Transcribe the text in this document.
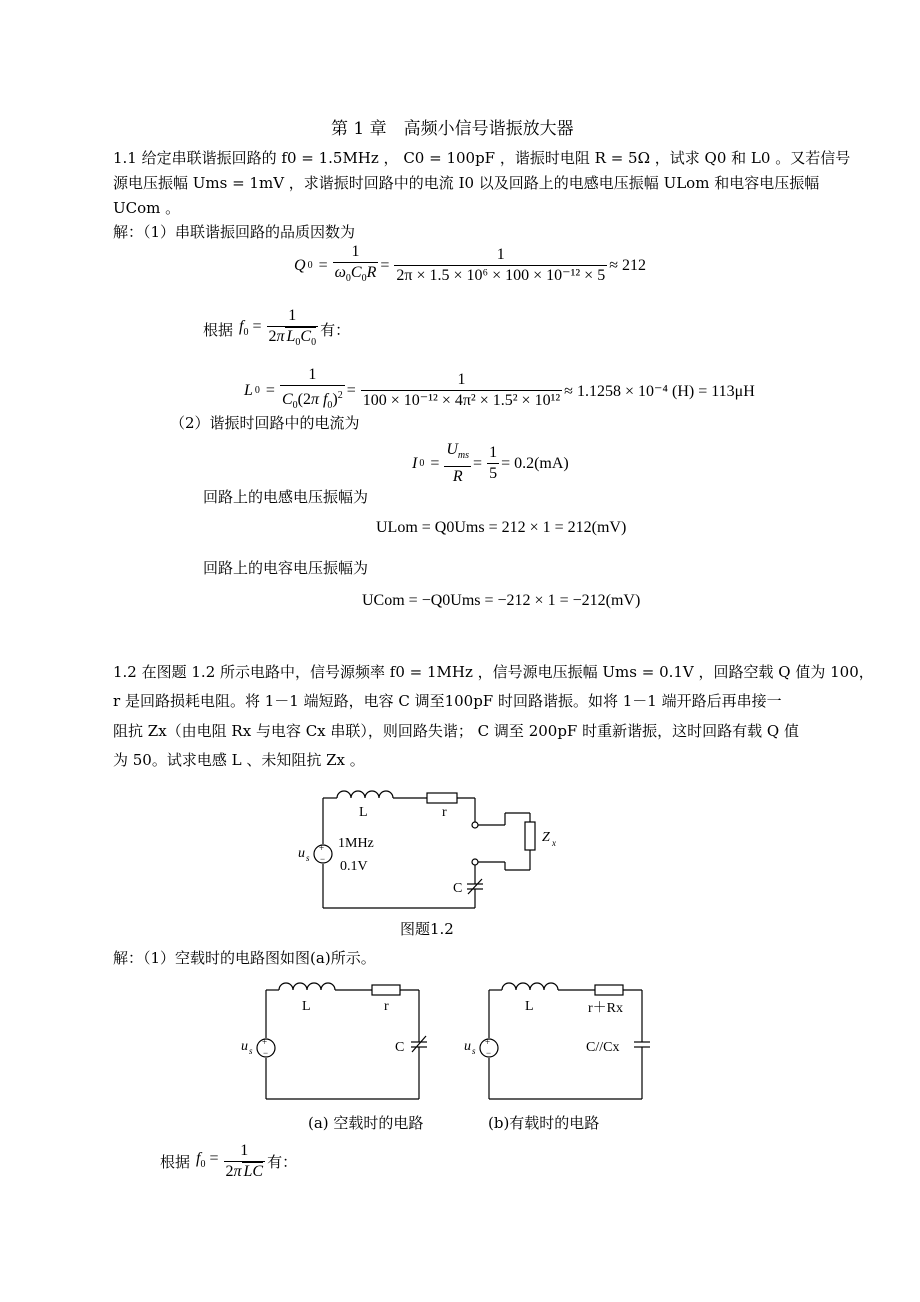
第 1 章　高频小信号谐振放大器
1.1 给定串联谐振回路的 f0 = 1.5MHz ， C0 = 100pF ，谐振时电阻 R = 5Ω ，试求 Q0 和 L0 。又若信号
源电压振幅 Ums = 1mV ，求谐振时回路中的电流 I0 以及回路上的电感电压振幅 ULom 和电容电压振幅
UCom 。
解：（1）串联谐振回路的品质因数为
Q $0 = \frac{1}{\omega_0C_0R} = \frac{1}{\text{2π × 1.5 × 10⁶ × 100 × 10⁻¹² × 5}} \approx 212$
根据 $f_0 = \frac{1}{2\pi L_0C_0}$ 有：
L $0 = \frac{1}{C_0(2\pi f_0)^2} = \frac{1}{\text{100 × 10⁻¹² × 4π² × 1.5² × 10¹²}} \approx 1.1258 \times 10^{-4}$ (H) = 113μH
（2）谐振时回路中的电流为
I $0 = \frac{U_{ms}}{R} = \frac{1}{5} = 0.2(mA)$
回路上的电感电压振幅为
ULom = Q0Ums = 212 × 1 = 212(mV)
回路上的电容电压振幅为
UCom = −Q0Ums = −212 × 1 = −212(mV)
1.2 在图题 1.2 所示电路中，信号源频率 f0 = 1MHz ，信号源电压振幅 Ums = 0.1V ，回路空载 Q 值为 100，
r 是回路损耗电阻。将 1－1 端短路，电容 C 调至100pF 时回路谐振。如将 1－1 端开路后再串接一
阻抗 Zx（由电阻 Rx 与电容 Cx 串联），则回路失谐； C 调至 200pF 时重新谐振，这时回路有载 Q 值
为 50。试求电感 L 、未知阻抗 Zx 。
+
−
L	r
1MHz
0.1V
C
Z x
u s
图题1.2
解：（1）空载时的电路图如图(a)所示。
+
−
L	r
C
u s
+
−
L	r＋Rx
C//Cx
u s
(a) 空载时的电路	(b)有载时的电路
根据 $f_0 = \frac{1}{\text{2π LC}}$ 有：
